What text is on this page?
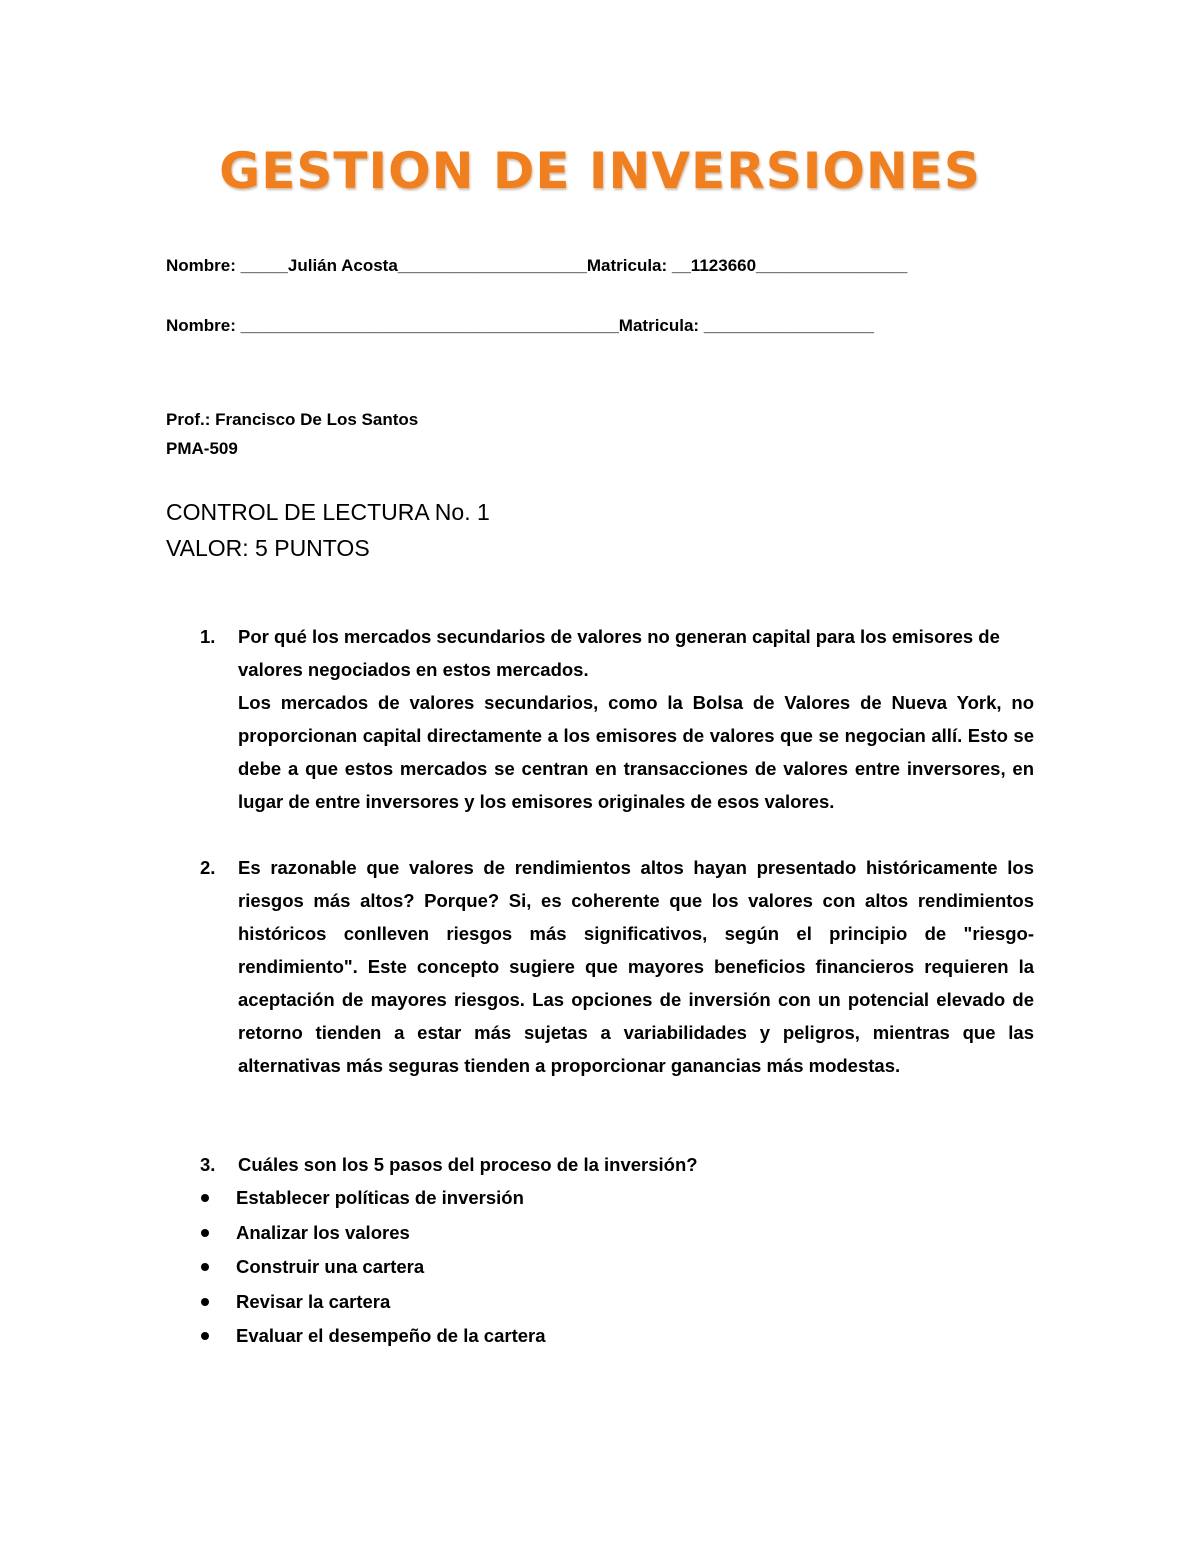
GESTION DE INVERSIONES
Nombre: _____Julián Acosta____________________Matricula: __1123660________________
Nombre: ________________________________________Matricula: __________________
Prof.: Francisco De Los Santos
PMA-509
CONTROL DE LECTURA No. 1
VALOR: 5 PUNTOS
1. Por qué los mercados secundarios de valores no generan capital para los emisores de valores negociados en estos mercados.
Los mercados de valores secundarios, como la Bolsa de Valores de Nueva York, no proporcionan capital directamente a los emisores de valores que se negocian allí. Esto se debe a que estos mercados se centran en transacciones de valores entre inversores, en lugar de entre inversores y los emisores originales de esos valores.
2. Es razonable que valores de rendimientos altos hayan presentado históricamente los riesgos más altos? Porque? Si, es coherente que los valores con altos rendimientos históricos conlleven riesgos más significativos, según el principio de "riesgo-rendimiento". Este concepto sugiere que mayores beneficios financieros requieren la aceptación de mayores riesgos. Las opciones de inversión con un potencial elevado de retorno tienden a estar más sujetas a variabilidades y peligros, mientras que las alternativas más seguras tienden a proporcionar ganancias más modestas.
3. Cuáles son los 5 pasos del proceso de la inversión?
Establecer políticas de inversión
Analizar los valores
Construir una cartera
Revisar la cartera
Evaluar el desempeño de la cartera
